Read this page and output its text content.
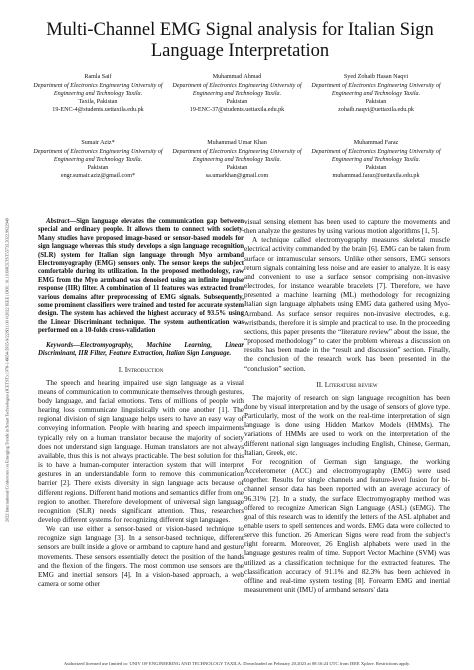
2022 International Conference on Emerging Trends in Smart Technologies (ICETST) | 978-1-6654-5935-9/22/$31.00 ©2022 IEEE | DOI: 10.1109/ICETST55735.2022.9922949
Multi-Channel EMG Signal analysis for Italian Sign Language Interpretation
Ramla Saif
Department of Electronics Engineering University of Engineering and Technology Taxila.
Taxila, Pakistan
19-ENC-4@students.uettaxila.edu.pk
Muhammad Ahmad
Department of Electronics Engineering University of Engineering and Technology Taxila.
Pakistan
19-ENC-37@students.uettaxila.edu.pk
Syed Zohaib Hasan Naqvi
Department of Electronics Engineering University of Engineering and Technology Taxila.
Pakistan
zohaib.naqvi@uettaxila.edu.pk
Sumair Aziz*
Department of Electronics Engineering University of Engineering and Technology Taxila.
Pakistan
engr.sumair.aziz@gmail.com*
Muhammad Umar Khan
Department of Electronics Engineering University of Engineering and Technology Taxila.
Pakistan
sa.umarkhan@gmail.com
Muhammad Faraz
Department of Electronics Engineering University of Engineering and Technology Taxila.
Pakistan
muhammad.faraz@uettaxila.edu.pk

Abstract—Sign language elevates the communication gap between special and ordinary people. It allows them to connect with society. Many studies have proposed image-based or sensor-based models for sign language whereas this study develops a sign language recognition (SLR) system for Italian sign language through Myo armband Electromyography (EMG) sensors only. The sensor keeps the subject comfortable during its utilization. In the proposed methodology, raw EMG from the Myo armband was denoised using an infinite impulse response (IIR) filter. A combination of 11 features was extracted from various domains after preprocessing of EMG signals. Subsequently, some prominent classifiers were trained and tested for accurate system design. The system has achieved the highest accuracy of 93.5% using the Linear Discriminant technique. The system authentication was performed on a 10-folds cross-validation

Keywords—Electromyography, Machine Learning, Linear Discriminant, IIR Filter, Feature Extraction, Italian Sign Language.

I. Introduction

The speech and hearing impaired use sign language as a visual means of communication to communicate themselves through gestures, body language, and facial emotions. Tens of millions of people with hearing loss communicate linguistically with one another [1]. The regional division of sign language helps users to have an easy way of conveying information. People with hearing and speech impairments typically rely on a human translator because the majority of society does not understand sign language. Human translators are not always available, thus this is not always practicable. The best solution for this is to have a human-computer interaction system that will interpret gestures in an understandable form to remove this communication barrier [2]. There exists diversity in sign language acts because of different regions. Different hand motions and semantics differ from one region to another. Therefore development of universal sign language recognition (SLR) needs significant attention. Thus, researchers develop different systems for recognizing different sign languages.

We can use either a sensor-based or vision-based technique to recognize sign language [3]. In a sensor-based technique, different sensors are built inside a glove or armband to capture hand and gesture movements. These sensors essentially detect the position of the hands and the flexion of the fingers. The most common use sensors are the EMG and inertial sensors [4]. In a vision-based approach, a web camera or some other

visual sensing element has been used to capture the movements and then analyze the gestures by using various motion algorithms [1, 5].

A technique called electromyography measures skeletal muscle electrical activity commanded by the brain [6]. EMG can be taken from surface or intramuscular sensors. Unlike other sensors, EMG sensors return signals containing less noise and are easier to analyze. It is easy and convenient to use a surface sensor comprising non-invasive electrodes, for instance wearable bracelets [7]. Therefore, we have presented a machine learning (ML) methodology for recognizing Italian sign language alphabets using EMG data gathered using Myo-Armband. As surface sensor requires non-invasive electrodes, e.g. wristbands, therefore it is simple and practical to use. In the proceeding sections, this paper presents the “literature review” about the issue, the “proposed methodology” to cater the problem whereas a discussion on results has been made in the “result and discussion” section. Finally, the conclusion of the research work has been presented in the “conclusion” section.

II. Literature review

The majority of research on sign language recognition has been done by visual interpretation and by the usage of sensors of glove type. Particularly, most of the work on the real-time interpretation of sign language is done using Hidden Markov Models (HMMs). The variations of HMMs are used to work on the interpretation of the different national sign languages including English, Chinese, German, Italian, Greek, etc.

For recognition of German sign language, the working Accelerometer (ACC) and electromyography (EMG) were used together. Results for single channels and feature-level fusion for bi-channel sensor data has been reported with an average accuracy of 96.31% [2]. In a study, the surface Electromyography method was offered to recognize American Sign Language (ASL) (sEMG). The goal of this research was to identify the letters of the ASL alphabet and enable users to spell sentences and words. EMG data were collected to serve this function. 26 American Signs were read from the subject's right forearm. Moreover, 26 English alphabets were used in the language gestures realm of time. Support Vector Machine (SVM) was utilized as a classification technique for the extracted features. The classification accuracy of 91.1% and 82.3% has been achieved in offline and real-time system testing [8]. Forearm EMG and inertial measurement unit (IMU) of armband sensors' data

Authorized licensed use limited to: UNIV OF ENGINEERING AND TECHNOLOGY TAXILA. Downloaded on February 20,2023 at 08:16:24 UTC from IEEE Xplore. Restrictions apply.
